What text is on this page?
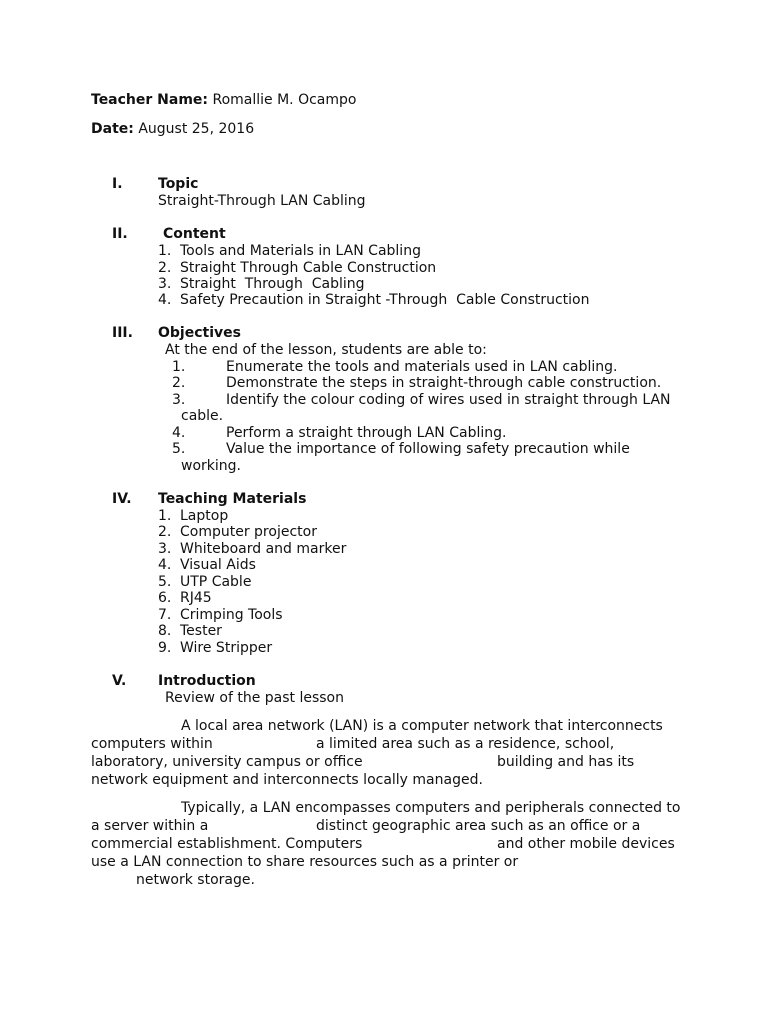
Teacher Name: Romallie M. Ocampo
Date: August 25, 2016
I.	Topic
Straight-Through LAN Cabling
II.	Content
1. Tools and Materials in LAN Cabling
2. Straight Through Cable Construction
3. Straight  Through  Cabling
4. Safety Precaution in Straight -Through  Cable Construction
III. Objectives
At the end of the lesson, students are able to:
1.	Enumerate the tools and materials used in LAN cabling.
2.	Demonstrate the steps in straight-through cable construction.
3.	Identify the colour coding of wires used in straight through LAN
cable.
4.	Perform a straight through LAN Cabling.
5.	Value the importance of following safety precaution while
working.
IV. Teaching Materials
1. Laptop
2. Computer projector
3. Whiteboard and marker
4. Visual Aids
5. UTP Cable
6. RJ45
7. Crimping Tools
8. Tester
9. Wire Stripper
V. Introduction
Review of the past lesson
A local area network (LAN) is a computer network that interconnects
computers within	a limited area such as a residence, school,
laboratory, university campus or office	building and has its
network equipment and interconnects locally managed.
Typically, a LAN encompasses computers and peripherals connected to
a server within a	distinct geographic area such as an office or a
commercial establishment. Computers	and other mobile devices
use a LAN connection to share resources such as a printer or
network storage.
